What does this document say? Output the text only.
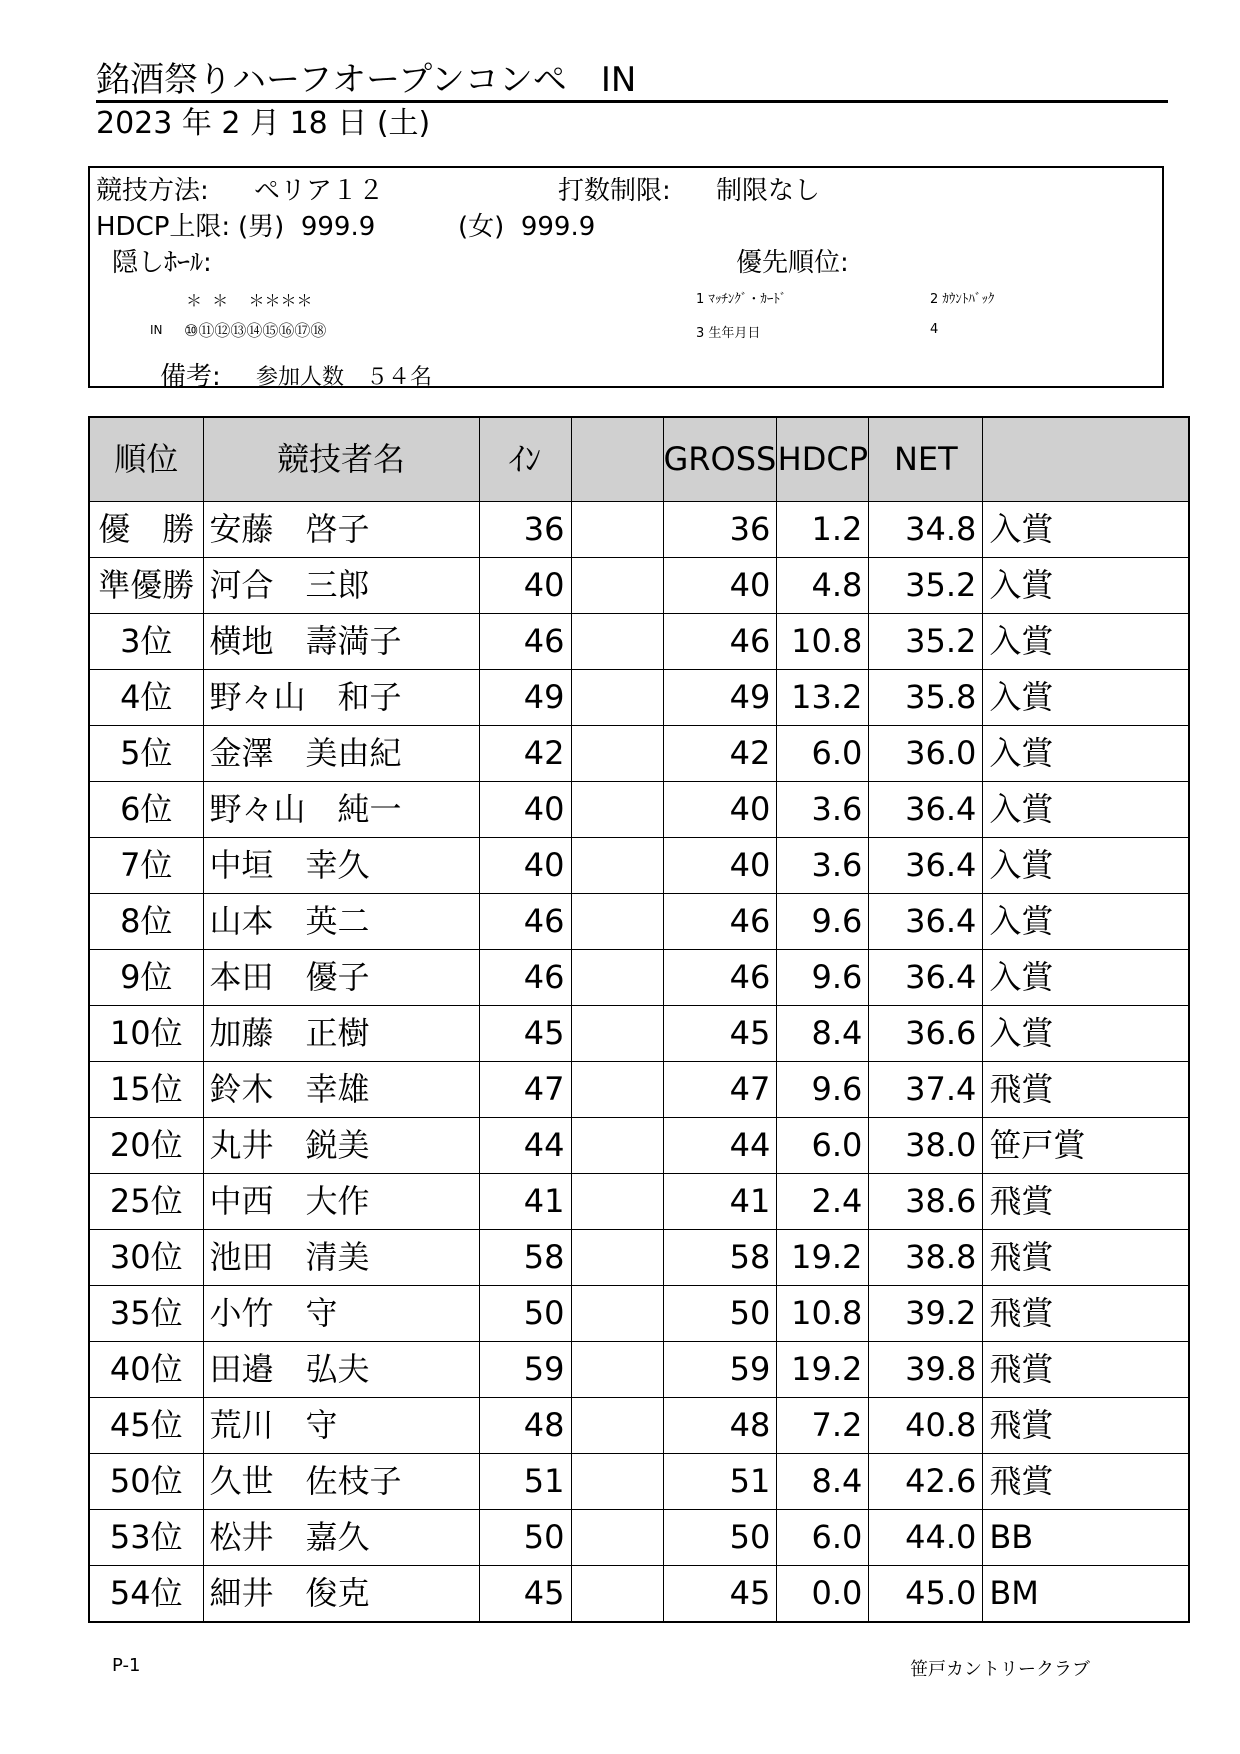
銘酒祭りハーフオープンコンペ　IN
2023 年 2 月 18 日 (土)
競技方法: ペリア１２	打数制限: 制限なし
HDCP上限: (男)  999.9	(女)  999.9
隠しﾎｰﾙ:	優先順位:
＊  ＊    ＊＊＊＊	1 ﾏｯﾁﾝｸﾞ・ｶｰﾄﾞ	2 ｶｳﾝﾄﾊﾞｯｸ
IN ⑩⑪⑫⑬⑭⑮⑯⑰⑱	3 生年月日	4
備考: 参加人数　５４名
順位	競技者名	ｲﾝ		GROSS	HDCP	NET	
優　勝	安藤　啓子	36		36	1.2	34.8	入賞
準優勝	河合　三郎	40		40	4.8	35.2	入賞
3位	横地　壽満子	46		46	10.8	35.2	入賞
4位	野々山　和子	49		49	13.2	35.8	入賞
5位	金澤　美由紀	42		42	6.0	36.0	入賞
6位	野々山　純一	40		40	3.6	36.4	入賞
7位	中垣　幸久	40		40	3.6	36.4	入賞
8位	山本　英二	46		46	9.6	36.4	入賞
9位	本田　優子	46		46	9.6	36.4	入賞
10位	加藤　正樹	45		45	8.4	36.6	入賞
15位	鈴木　幸雄	47		47	9.6	37.4	飛賞
20位	丸井　鋭美	44		44	6.0	38.0	笹戸賞
25位	中西　大作	41		41	2.4	38.6	飛賞
30位	池田　清美	58		58	19.2	38.8	飛賞
35位	小竹　守	50		50	10.8	39.2	飛賞
40位	田邉　弘夫	59		59	19.2	39.8	飛賞
45位	荒川　守	48		48	7.2	40.8	飛賞
50位	久世　佐枝子	51		51	8.4	42.6	飛賞
53位	松井　嘉久	50		50	6.0	44.0	BB
54位	細井　俊克	45		45	0.0	45.0	BM
P-1	笹戸カントリークラブ
